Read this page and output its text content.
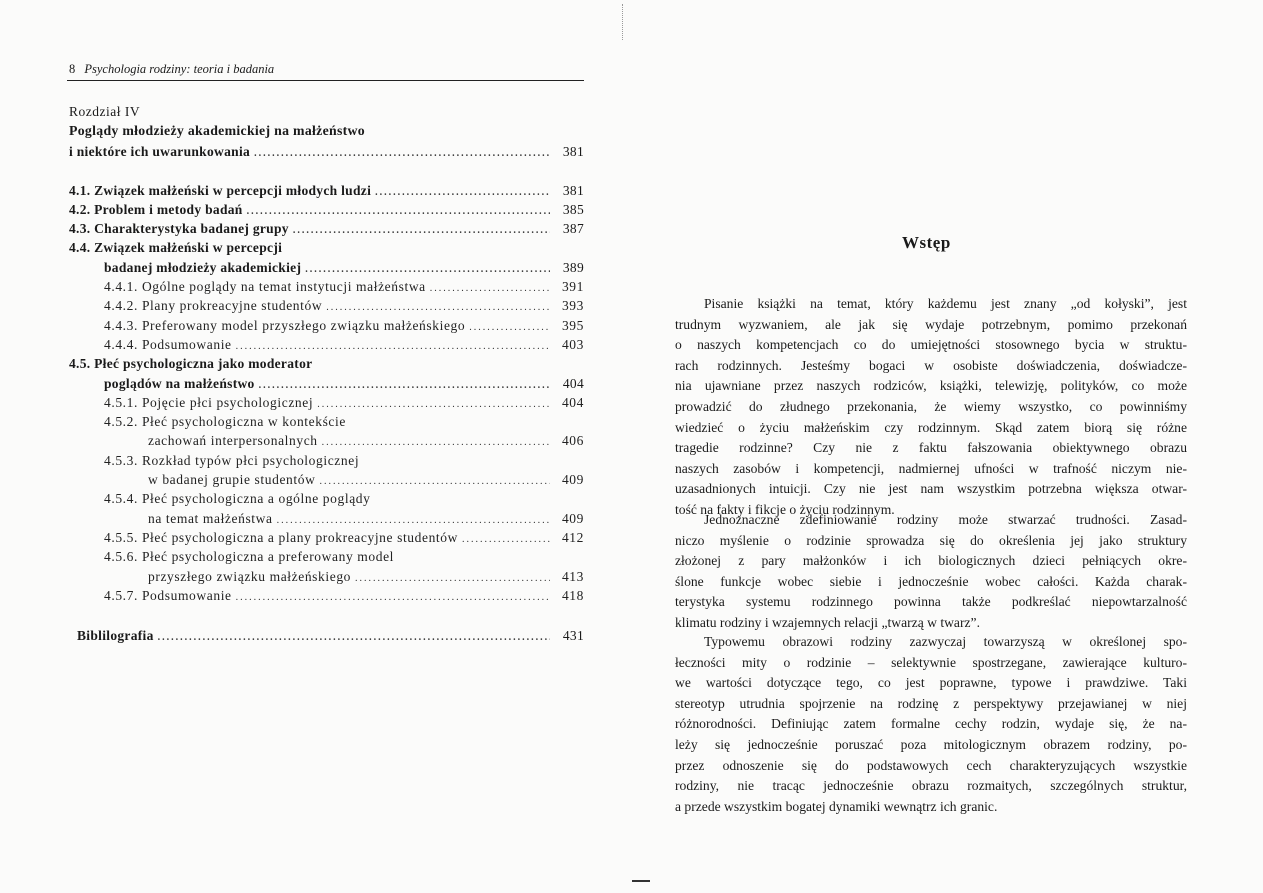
8 Psychologia rodziny: teoria i badania
Rozdział IV
Poglądy młodzieży akademickiej na małżeństwo
i niektóre ich uwarunkowania .....	381
4.1. Związek małżeński w percepcji młodych ludzi .....	381
4.2. Problem i metody badań .....	385
4.3. Charakterystyka badanej grupy .....	387
4.4. Związek małżeński w percepcji
badanej młodzieży akademickiej .....	389
4.4.1. Ogólne poglądy na temat instytucji małżeństwa .....	391
4.4.2. Plany prokreacyjne studentów .....	393
4.4.3. Preferowany model przyszłego związku małżeńskiego .....	395
4.4.4. Podsumowanie .....	403
4.5. Płeć psychologiczna jako moderator
poglądów na małżeństwo .....	404
4.5.1. Pojęcie płci psychologicznej .....	404
4.5.2. Płeć psychologiczna w kontekście
zachowań interpersonalnych .....	406
4.5.3. Rozkład typów płci psychologicznej
w badanej grupie studentów .....	409
4.5.4. Płeć psychologiczna a ogólne poglądy
na temat małżeństwa .....	409
4.5.5. Płeć psychologiczna a plany prokreacyjne studentów .....	412
4.5.6. Płeć psychologiczna a preferowany model
przyszłego związku małżeńskiego .....	413
4.5.7. Podsumowanie .....	418
Biblilografia .....	431
Wstęp
Pisanie książki na temat, który każdemu jest znany „od kołyski”, jest
trudnym wyzwaniem, ale jak się wydaje potrzebnym, pomimo przekonań
o naszych kompetencjach co do umiejętności stosownego bycia w struktu-
rach rodzinnych. Jesteśmy bogaci w osobiste doświadczenia, doświadcze-
nia ujawniane przez naszych rodziców, książki, telewizję, polityków, co może
prowadzić do złudnego przekonania, że wiemy wszystko, co powinniśmy
wiedzieć o życiu małżeńskim czy rodzinnym. Skąd zatem biorą się różne
tragedie rodzinne? Czy nie z faktu fałszowania obiektywnego obrazu
naszych zasobów i kompetencji, nadmiernej ufności w trafność niczym nie-
uzasadnionych intuicji. Czy nie jest nam wszystkim potrzebna większa otwar-
tość na fakty i fikcje o życiu rodzinnym.
Jednoznaczne zdefiniowanie rodziny może stwarzać trudności. Zasad-
niczo myślenie o rodzinie sprowadza się do określenia jej jako struktury
złożonej z pary małżonków i ich biologicznych dzieci pełniących okre-
ślone funkcje wobec siebie i jednocześnie wobec całości. Każda charak-
terystyka systemu rodzinnego powinna także podkreślać niepowtarzalność
klimatu rodziny i wzajemnych relacji „twarzą w twarz”.
Typowemu obrazowi rodziny zazwyczaj towarzyszą w określonej spo-
łeczności mity o rodzinie – selektywnie spostrzegane, zawierające kulturo-
we wartości dotyczące tego, co jest poprawne, typowe i prawdziwe. Taki
stereotyp utrudnia spojrzenie na rodzinę z perspektywy przejawianej w niej
różnorodności. Definiując zatem formalne cechy rodzin, wydaje się, że na-
leży się jednocześnie poruszać poza mitologicznym obrazem rodziny, po-
przez odnoszenie się do podstawowych cech charakteryzujących wszystkie
rodziny, nie tracąc jednocześnie obrazu rozmaitych, szczególnych struktur,
a przede wszystkim bogatej dynamiki wewnątrz ich granic.
